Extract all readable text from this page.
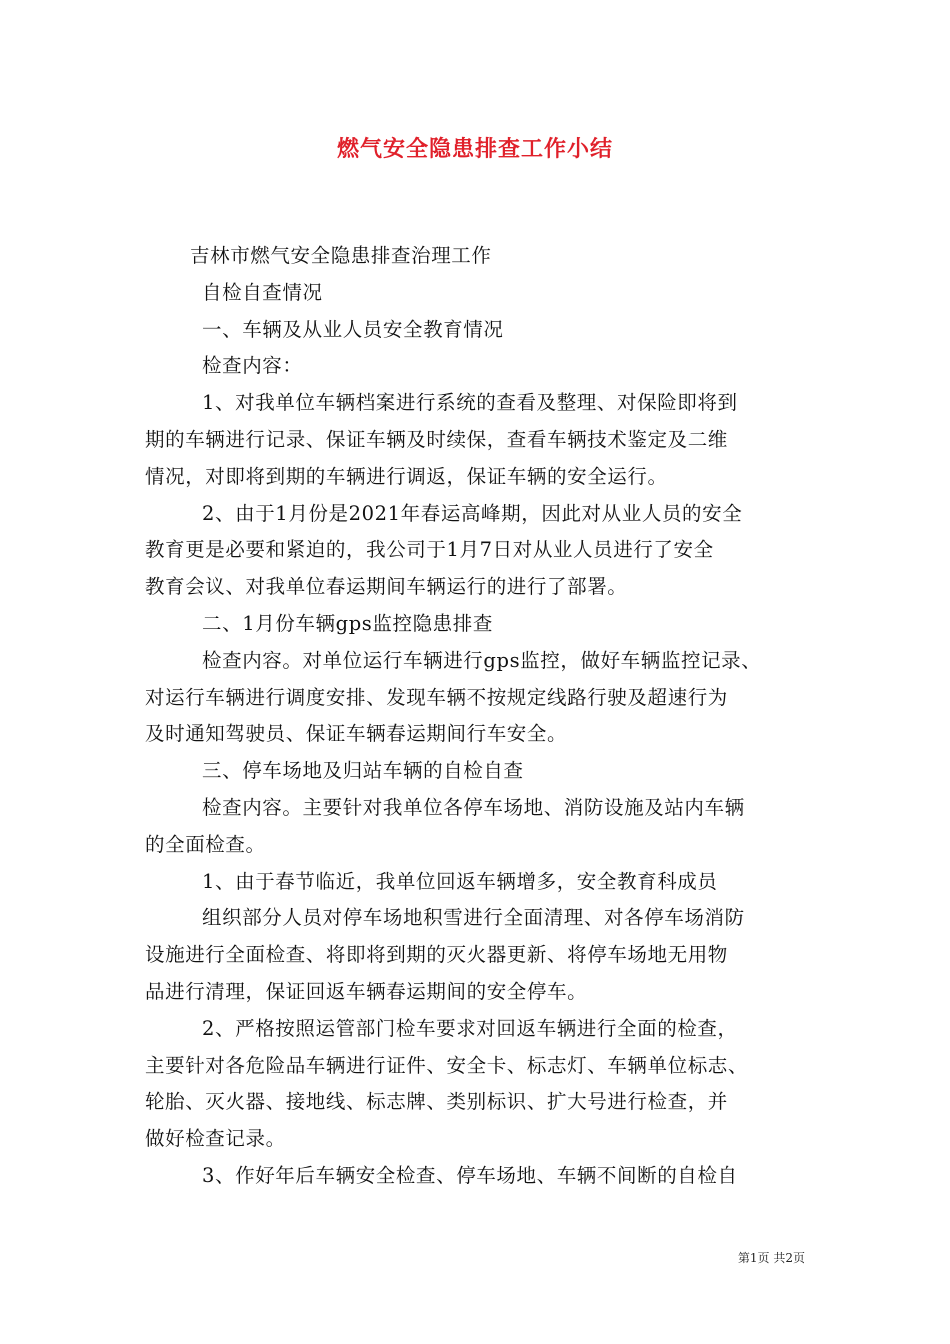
燃气安全隐患排查工作小结
吉林市燃气安全隐患排查治理工作
自检自查情况
一、车辆及从业人员安全教育情况
检查内容：
1、对我单位车辆档案进行系统的查看及整理、对保险即将到
期的车辆进行记录、保证车辆及时续保，查看车辆技术鉴定及二维
情况，对即将到期的车辆进行调返，保证车辆的安全运行。
2、由于1月份是2021年春运高峰期，因此对从业人员的安全
教育更是必要和紧迫的，我公司于1月7日对从业人员进行了安全
教育会议、对我单位春运期间车辆运行的进行了部署。
二、1月份车辆gps监控隐患排查
检查内容。对单位运行车辆进行gps监控，做好车辆监控记录、
对运行车辆进行调度安排、发现车辆不按规定线路行驶及超速行为
及时通知驾驶员、保证车辆春运期间行车安全。
三、停车场地及归站车辆的自检自查
检查内容。主要针对我单位各停车场地、消防设施及站内车辆
的全面检查。
1、由于春节临近，我单位回返车辆增多，安全教育科成员
组织部分人员对停车场地积雪进行全面清理、对各停车场消防
设施进行全面检查、将即将到期的灭火器更新、将停车场地无用物
品进行清理，保证回返车辆春运期间的安全停车。
2、严格按照运管部门检车要求对回返车辆进行全面的检查，
主要针对各危险品车辆进行证件、安全卡、标志灯、车辆单位标志、
轮胎、灭火器、接地线、标志牌、类别标识、扩大号进行检查，并
做好检查记录。
3、作好年后车辆安全检查、停车场地、车辆不间断的自检自
第1页 共2页
